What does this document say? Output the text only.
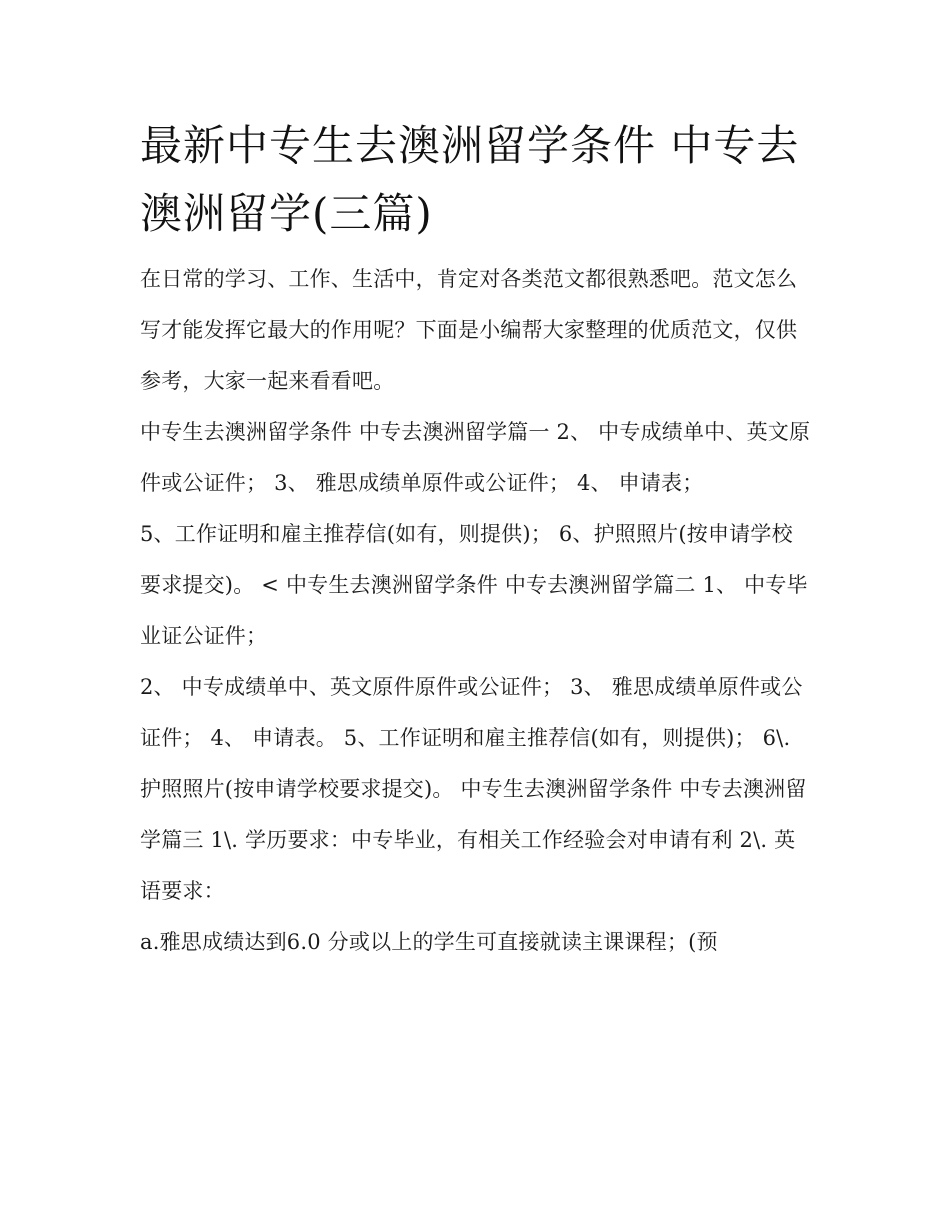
最新中专生去澳洲留学条件 中专去澳洲留学(三篇)

在日常的学习、工作、生活中，肯定对各类范文都很熟悉吧。范文怎么写才能发挥它最大的作用呢？下面是小编帮大家整理的优质范文，仅供参考，大家一起来看看吧。

中专生去澳洲留学条件 中专去澳洲留学篇一 2、 中专成绩单中、英文原件或公证件； 3、 雅思成绩单原件或公证件； 4、 申请表；

5、工作证明和雇主推荐信(如有，则提供)； 6、护照照片(按申请学校要求提交)。 < 中专生去澳洲留学条件 中专去澳洲留学篇二 1、 中专毕业证公证件；

2、 中专成绩单中、英文原件原件或公证件； 3、 雅思成绩单原件或公证件； 4、 申请表。 5、工作证明和雇主推荐信(如有，则提供)； 6\.

护照照片(按申请学校要求提交)。 中专生去澳洲留学条件 中专去澳洲留学篇三 1\. 学历要求：中专毕业，有相关工作经验会对申请有利 2\. 英语要求：

a.雅思成绩达到6.0 分或以上的学生可直接就读主课课程；(预
